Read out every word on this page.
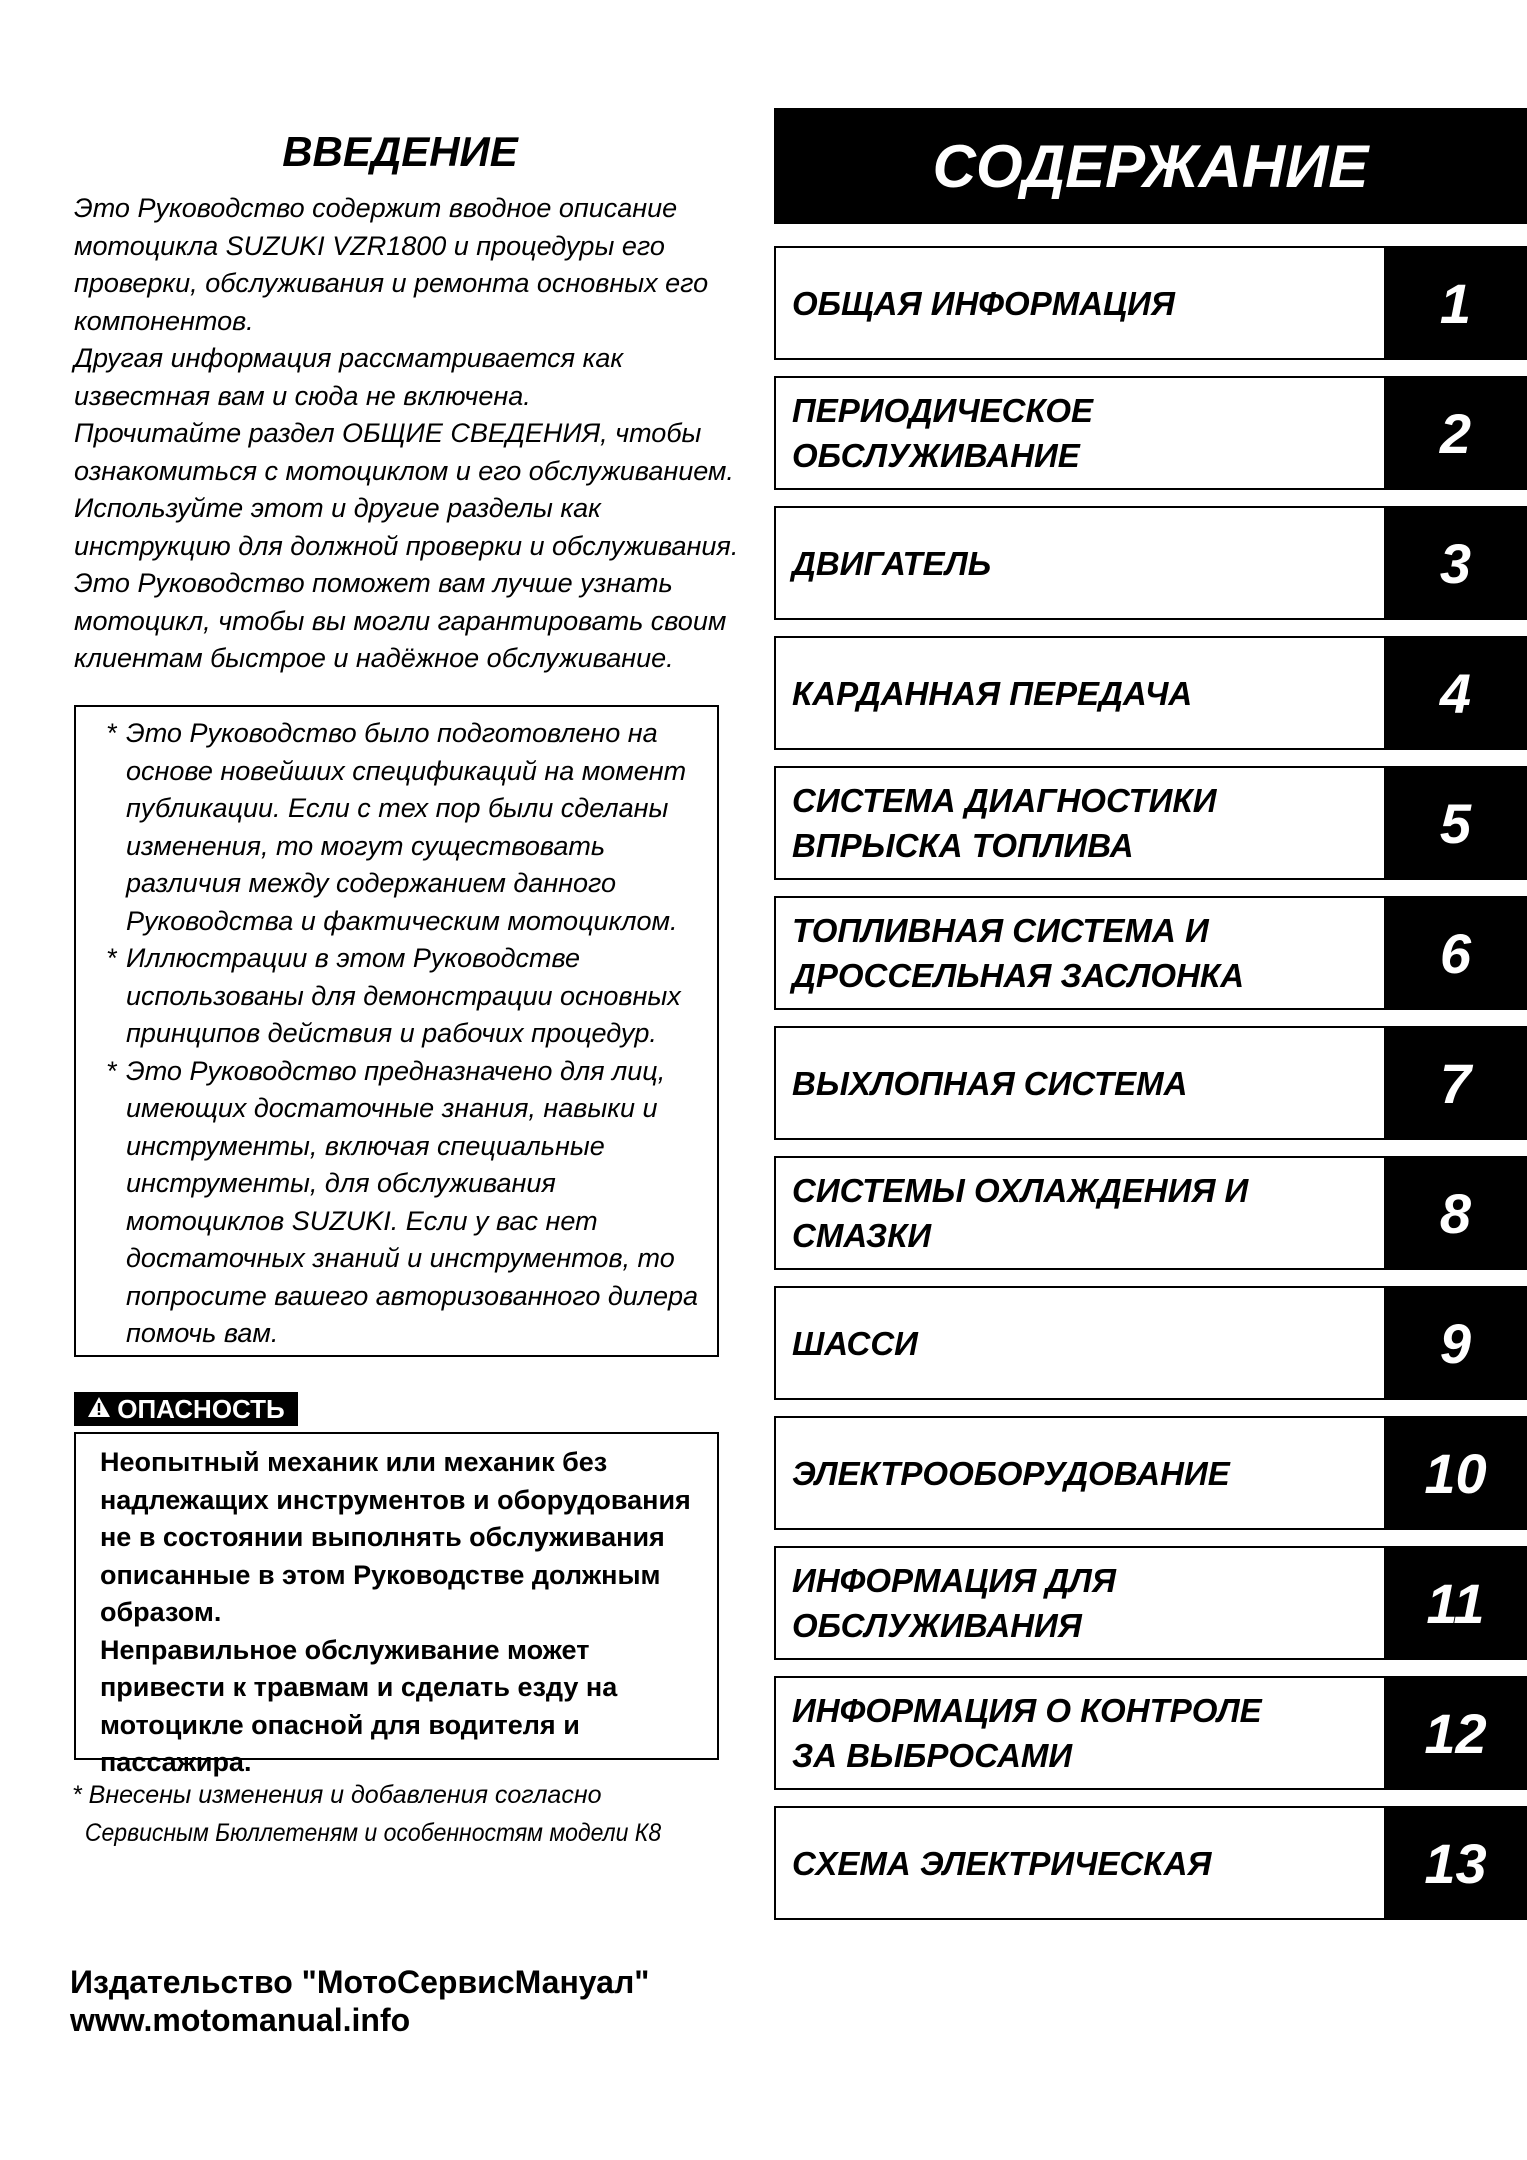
ВВЕДЕНИЕ

Это Руководство содержит вводное описание мотоцикла SUZUKI VZR1800 и процедуры его проверки, обслуживания и ремонта основных его компонентов.

Другая информация рассматривается как известная вам и сюда не включена.

Прочитайте раздел ОБЩИЕ СВЕДЕНИЯ, чтобы ознакомиться с мотоциклом и его обслуживанием. Используйте этот и другие разделы как инструкцию для должной проверки и обслуживания.

Это Руководство поможет вам лучше узнать мотоцикл, чтобы вы могли гарантировать своим клиентам быстрое и надёжное обслуживание.

* Это Руководство было подготовлено на основе новейших спецификаций на момент публикации. Если с тех пор были сделаны изменения, то могут существовать различия между содержанием данного Руководства и фактическим мотоциклом.
* Иллюстрации в этом Руководстве использованы для демонстрации основных принципов действия и рабочих процедур.
* Это Руководство предназначено для лиц, имеющих достаточные знания, навыки и инструменты, включая специальные инструменты, для обслуживания мотоциклов SUZUKI. Если у вас нет достаточных знаний и инструментов, то попросите вашего авторизованного дилера помочь вам.
ОПАСНОСТЬ

Неопытный механик или механик без надлежащих инструментов и оборудования не в состоянии выполнять обслуживания описанные в этом Руководстве должным образом.

Неправильное обслуживание может привести к травмам и сделать езду на мотоцикле опасной для водителя и пассажира.

* Внесены изменения и добавления согласно

Сервисным Бюллетеням и особенностям модели К8

Издательство "МотоСервисМануал"

www.motomanual.info

СОДЕРЖАНИЕ
ОБЩАЯ ИНФОРМАЦИЯ	1
ПЕРИОДИЧЕСКОЕ
ОБСЛУЖИВАНИЕ	2
ДВИГАТЕЛЬ	3
КАРДАННАЯ ПЕРЕДАЧА	4
СИСТЕМА ДИАГНОСТИКИ
ВПРЫСКА ТОПЛИВА	5
ТОПЛИВНАЯ СИСТЕМА И
ДРОССЕЛЬНАЯ ЗАСЛОНКА	6
ВЫХЛОПНАЯ СИСТЕМА	7
СИСТЕМЫ ОХЛАЖДЕНИЯ И
СМАЗКИ	8
ШАССИ	9
ЭЛЕКТРООБОРУДОВАНИЕ	10
ИНФОРМАЦИЯ ДЛЯ
ОБСЛУЖИВАНИЯ	11
ИНФОРМАЦИЯ О КОНТРОЛЕ
ЗА ВЫБРОСАМИ	12
СХЕМА ЭЛЕКТРИЧЕСКАЯ	13
